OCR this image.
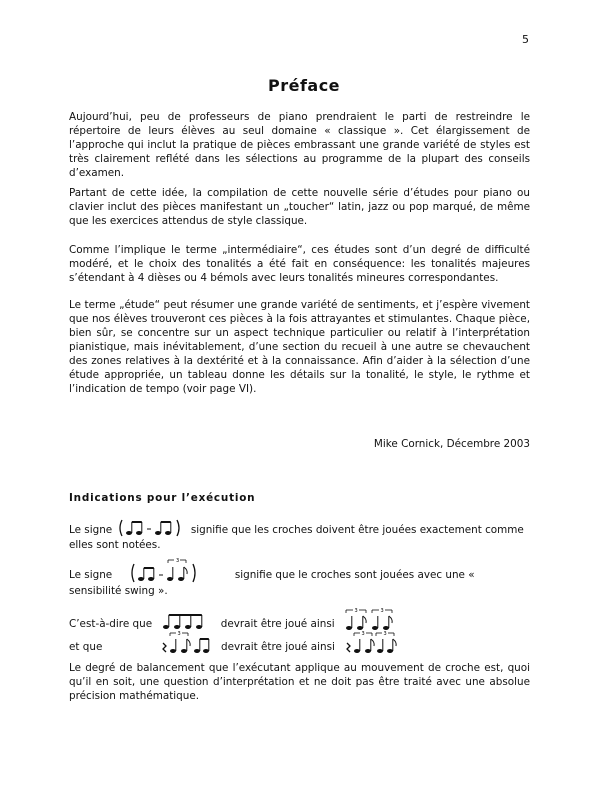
5
Préface

Aujourd’hui, peu de professeurs de piano prendraient le parti de restreindre le répertoire de leurs élèves au seul domaine « classique ». Cet élargissement de l’approche qui inclut la pratique de pièces embrassant une grande variété de styles est très clairement reflété dans les sélections au programme de la plupart des conseils d’examen.

Partant de cette idée, la compilation de cette nouvelle série d’études pour piano ou clavier inclut des pièces manifestant un „toucher“ latin, jazz ou pop marqué, de même que les exercices attendus de style classique.

Comme l’implique le terme „intermédiaire“, ces études sont d’un degré de difficulté modéré, et le choix des tonalités a été fait en conséquence: les tonalités majeures s’étendant à 4 dièses ou 4 bémols avec leurs tonalités mineures correspondantes.

Le terme „étude“ peut résumer une grande variété de sentiments, et j’espère vivement que nos élèves trouveront ces pièces à la fois attrayantes et stimulantes. Chaque pièce, bien sûr, se concentre sur un aspect technique particulier ou relatif à l’interprétation pianistique, mais inévitablement, d’une section du recueil à une autre se chevauchent des zones relatives à la dextérité et à la connaissance. Afin d’aider à la sélection d’une étude appropriée, un tableau donne les détails sur la tonalité, le style, le rythme et l’indication de tempo (voir page VI).

Mike Cornick, Décembre 2003

Indications pour l’exécution
Le signe	signifie que les croches doivent être jouées exactement comme elles sont notées.
Le signe
3
signifie que le croches sont jouées avec une « sensibilité swing ».
C’est-à-dire que	devrait être joué ainsi
3	3
et que
3
devrait être joué ainsi
3	3

Le degré de balancement que l’exécutant applique au mouvement de croche est, quoi qu’il en soit, une question d’interprétation et ne doit pas être traité avec une absolue précision mathématique.
